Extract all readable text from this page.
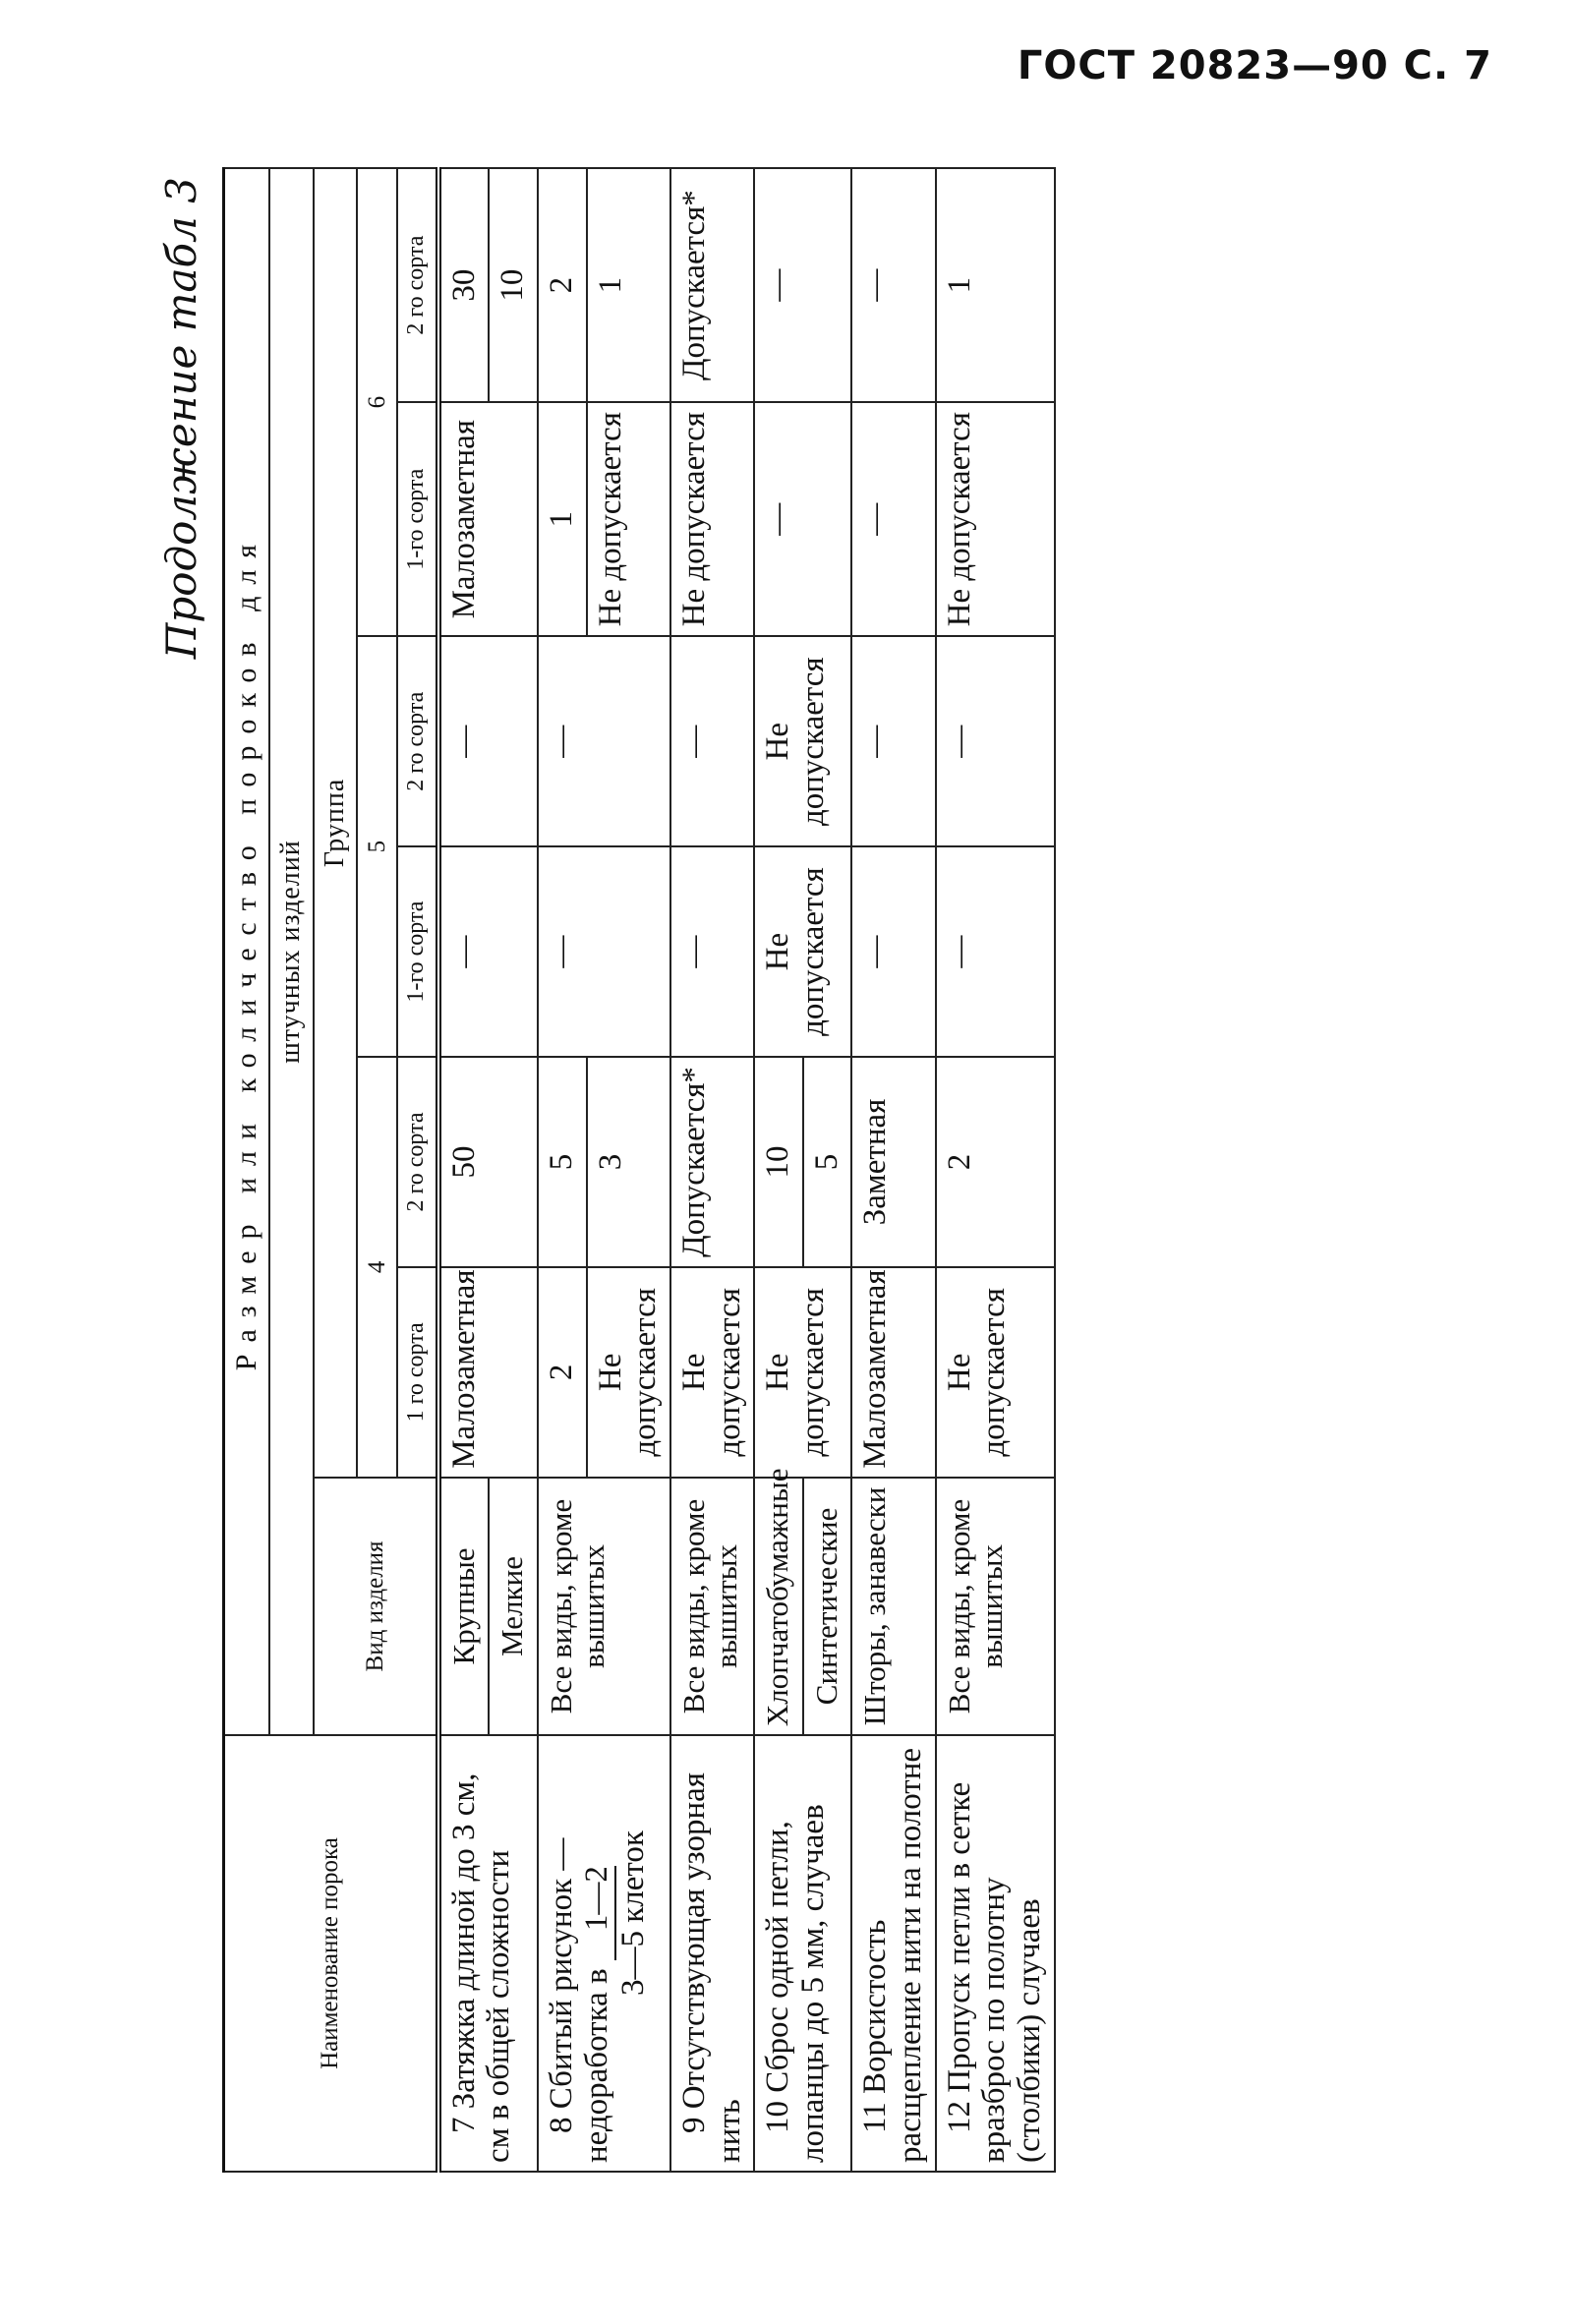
ГОСТ 20823—90 С. 7
Продолжение табл 3
Наименование порока	Размер или количество пороков для						
	штучных изделий						
	Вид изделия	Группа					
		4		5		6	
		1 го сорта	2 го сорта	1-го сорта	2 го сорта	1-го сорта	2 го сорта
7 Затяжка длиной до 3 см, см в общей сложности	Крупные	Малозаметная	50	—	—	Малозаметная	30
	Мелкие						10
8 Сбитый рисунок — недоработка в 1—2
3—5 клеток	Все виды, кроме вышитых	2	5	—	—	1	2
		Не допускается	3			Не допускается	1
9 Отсутствующая узорная нить	Все виды, кроме вышитых	Не допускается	Допускается*	—	—	Не допускается	Допускается*
10 Сброс одной петли, лопанцы до 5 мм, случаев	Хлопчатобумажные	Не допускается	10	Не допускается	Не допускается	—	—
	Синтетические		5				
11 Ворсистость расщепление нити на полотне	Шторы, занавески	Малозаметная	Заметная	—	—	—	—
12 Пропуск петли в сетке вразброс по полотну (столбики) случаев	Все виды, кроме вышитых	Не допускается	2	—	—	Не допускается	1
